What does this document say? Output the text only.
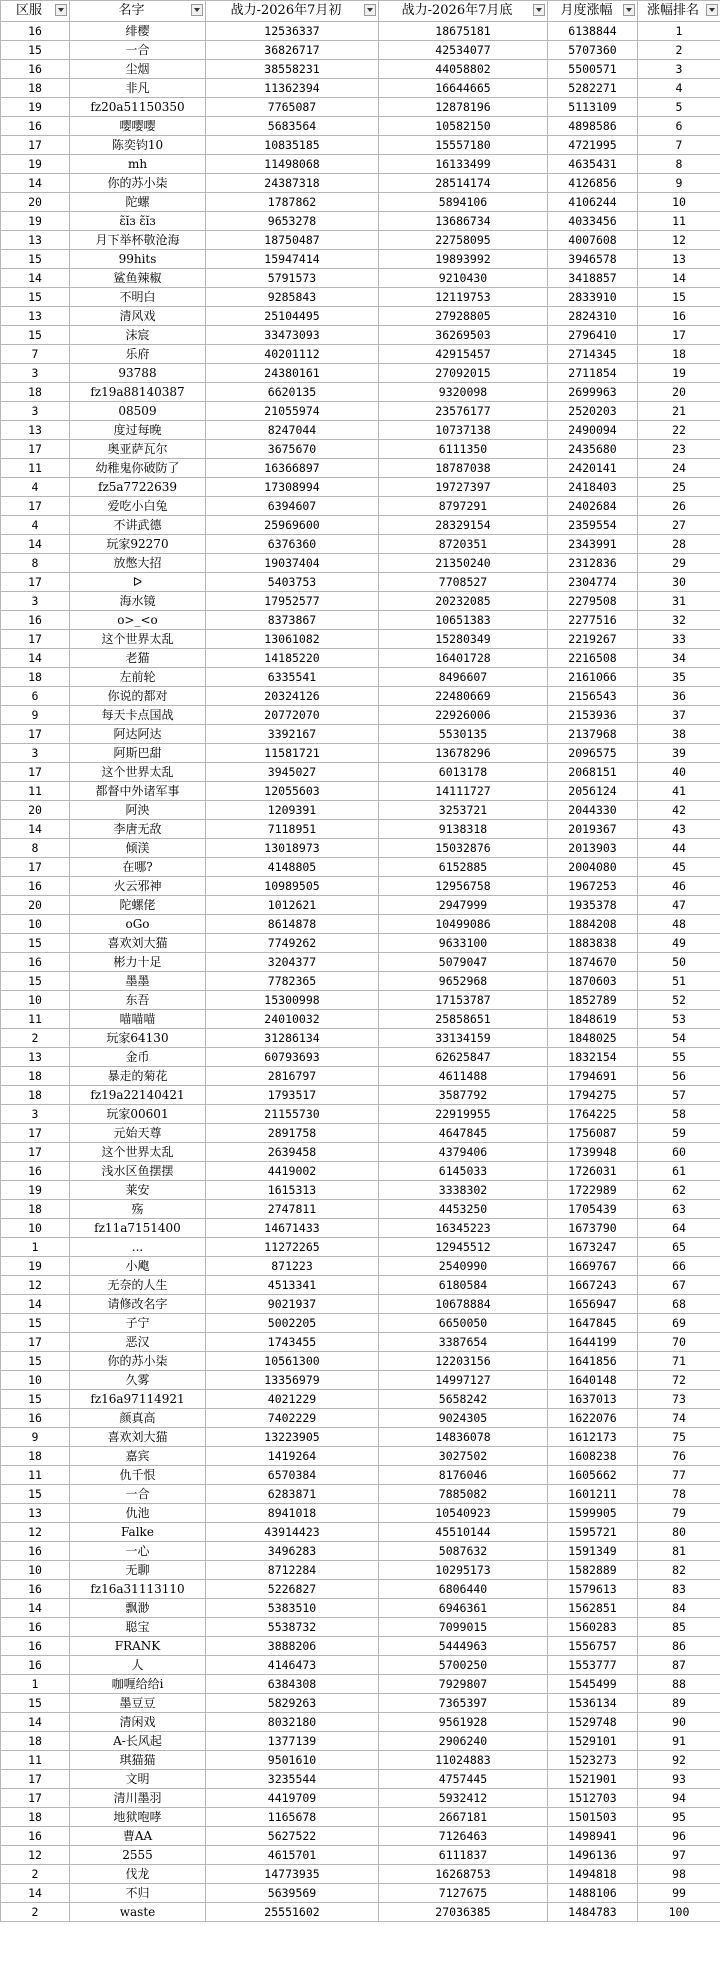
区服	名字	战力-2026年7月初	战力-2026年7月底	月度涨幅	涨幅排名

16	绯樱	12536337	18675181	6138844	1
15	一合	36826717	42534077	5707360	2
16	尘烟	38558231	44058802	5500571	3
18	非凡	11362394	16644665	5282271	4
19	fz20a51150350	7765087	12878196	5113109	5
16	嘤嘤嘤	5683564	10582150	4898586	6
17	陈奕钧10	10835185	15557180	4721995	7
19	mh	11498068	16133499	4635431	8
14	你的苏小柒	24387318	28514174	4126856	9
20	陀螺	1787862	5894106	4106244	10
19	ɛ̃ĭɜ ɛ̃ĭɜ	9653278	13686734	4033456	11
13	月下举杯敬沧海	18750487	22758095	4007608	12
15	99hits	15947414	19893992	3946578	13
14	鲨鱼辣椒	5791573	9210430	3418857	14
15	不明白	9285843	12119753	2833910	15
13	清风戏	25104495	27928805	2824310	16
15	沫宸	33473093	36269503	2796410	17
7	乐府	40201112	42915457	2714345	18
3	93788	24380161	27092015	2711854	19
18	fz19a88140387	6620135	9320098	2699963	20
3	08509	21055974	23576177	2520203	21
13	度过每晚	8247044	10737138	2490094	22
17	奥亚萨瓦尔	3675670	6111350	2435680	23
11	幼稚鬼你破防了	16366897	18787038	2420141	24
4	fz5a7722639	17308994	19727397	2418403	25
17	爱吃小白兔	6394607	8797291	2402684	26
4	不讲武德	25969600	28329154	2359554	27
14	玩家92270	6376360	8720351	2343991	28
8	放憋大招	19037404	21350240	2312836	29
17	ᐅ	5403753	7708527	2304774	30
3	海水镜	17952577	20232085	2279508	31
16	o>_<o	8373867	10651383	2277516	32
17	这个世界太乱	13061082	15280349	2219267	33
14	老猫	14185220	16401728	2216508	34
18	左前轮	6335541	8496607	2161066	35
6	你说的都对	20324126	22480669	2156543	36
9	每天卡点国战	20772070	22926006	2153936	37
17	阿达阿达	3392167	5530135	2137968	38
3	阿斯巴甜	11581721	13678296	2096575	39
17	这个世界太乱	3945027	6013178	2068151	40
11	都督中外诸军事	12055603	14111727	2056124	41
20	阿泱	1209391	3253721	2044330	42
14	李唐无敌	7118951	9138318	2019367	43
8	倾渼	13018973	15032876	2013903	44
17	在哪?	4148805	6152885	2004080	45
16	火云邪神	10989505	12956758	1967253	46
20	陀螺佬	1012621	2947999	1935378	47
10	oGo	8614878	10499086	1884208	48
15	喜欢刘大猫	7749262	9633100	1883838	49
16	彬力十足	3204377	5079047	1874670	50
15	墨墨	7782365	9652968	1870603	51
10	东吾	15300998	17153787	1852789	52
11	喵喵喵	24010032	25858651	1848619	53
2	玩家64130	31286134	33134159	1848025	54
13	金币	60793693	62625847	1832154	55
18	暴走的菊花	2816797	4611488	1794691	56
18	fz19a22140421	1793517	3587792	1794275	57
3	玩家00601	21155730	22919955	1764225	58
17	元始天尊	2891758	4647845	1756087	59
17	这个世界太乱	2639458	4379406	1739948	60
16	浅水区鱼摆摆	4419002	6145033	1726031	61
19	莱安	1615313	3338302	1722989	62
18	殇	2747811	4453250	1705439	63
10	fz11a7151400	14671433	16345223	1673790	64
1	...	11272265	12945512	1673247	65
19	小飑	871223	2540990	1669767	66
12	无奈的人生	4513341	6180584	1667243	67
14	请修改名字	9021937	10678884	1656947	68
15	子宁	5002205	6650050	1647845	69
17	恶汉	1743455	3387654	1644199	70
15	你的苏小柒	10561300	12203156	1641856	71
10	久雾	13356979	14997127	1640148	72
15	fz16a97114921	4021229	5658242	1637013	73
16	颜真高	7402229	9024305	1622076	74
9	喜欢刘大猫	13223905	14836078	1612173	75
18	嘉宾	1419264	3027502	1608238	76
11	仇千恨	6570384	8176046	1605662	77
15	一合	6283871	7885082	1601211	78
13	仇池	8941018	10540923	1599905	79
12	Falke	43914423	45510144	1595721	80
16	一心	3496283	5087632	1591349	81
10	无聊	8712284	10295173	1582889	82
16	fz16a31113110	5226827	6806440	1579613	83
14	飘渺	5383510	6946361	1562851	84
16	聪宝	5538732	7099015	1560283	85
16	FRANK	3888206	5444963	1556757	86
16	人	4146473	5700250	1553777	87
1	咖喱给给i	6384308	7929807	1545499	88
15	墨豆豆	5829263	7365397	1536134	89
14	清闲戏	8032180	9561928	1529748	90
18	A-长风起	1377139	2906240	1529101	91
11	琪猫猫	9501610	11024883	1523273	92
17	文明	3235544	4757445	1521901	93
17	清川墨羽	4419709	5932412	1512703	94
18	地狱咆哮	1165678	2667181	1501503	95
16	曹AA	5627522	7126463	1498941	96
12	2555	4615701	6111837	1496136	97
2	伐龙	14773935	16268753	1494818	98
14	不归	5639569	7127675	1488106	99
2	waste	25551602	27036385	1484783	100
